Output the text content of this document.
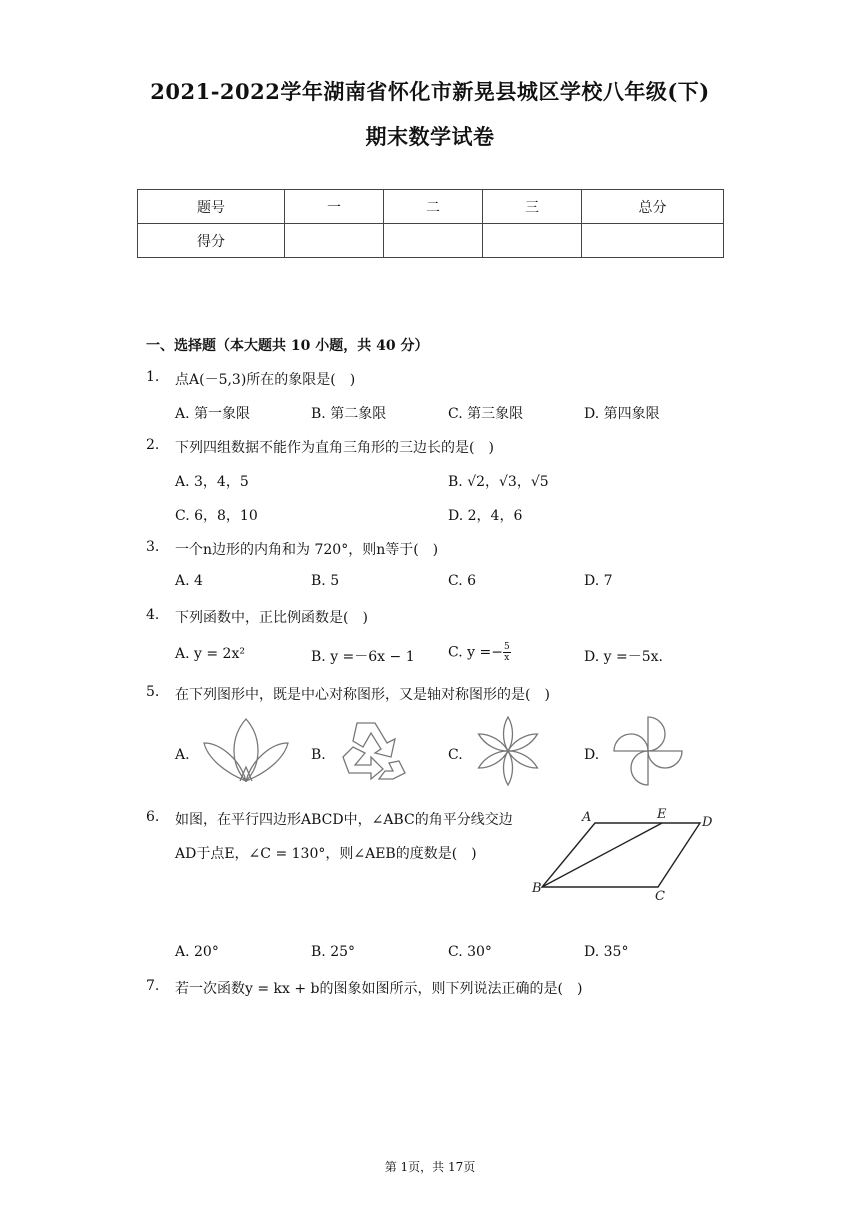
2021-2022学年湖南省怀化市新晃县城区学校八年级(下)
期末数学试卷
题号	一	二	三	总分
得分				
一、选择题（本大题共 10 小题，共 40 分）
1. 点A(－5,3)所在的象限是(　)
A. 第一象限	B. 第二象限	C. 第三象限	D. 第四象限
2. 下列四组数据不能作为直角三角形的三边长的是(　)
A. 3，4，5	B. √2，√3，√5
C. 6，8，10	D. 2，4，6
3. 一个n边形的内角和为 720°，则n等于(　)
A. 4	B. 5	C. 6	D. 7
4. 下列函数中，正比例函数是(　)
A. y = 2x²	B. y =－6x − 1 C. $y =- \frac{5}{x}$	D. y =－5x.
5. 在下列图形中，既是中心对称图形，又是轴对称图形的是(　)
A.	B.	C.	D.
6. 如图，在平行四边形ABCD中，∠ABC的角平分线交边
AD于点E，∠C = 130°，则∠AEB的度数是(　)
A	E
D
B
C
A. 20°	B. 25°	C. 30°	D. 35°
7. 若一次函数y = kx + b的图象如图所示，则下列说法正确的是(　)
第 1页，共 17页
